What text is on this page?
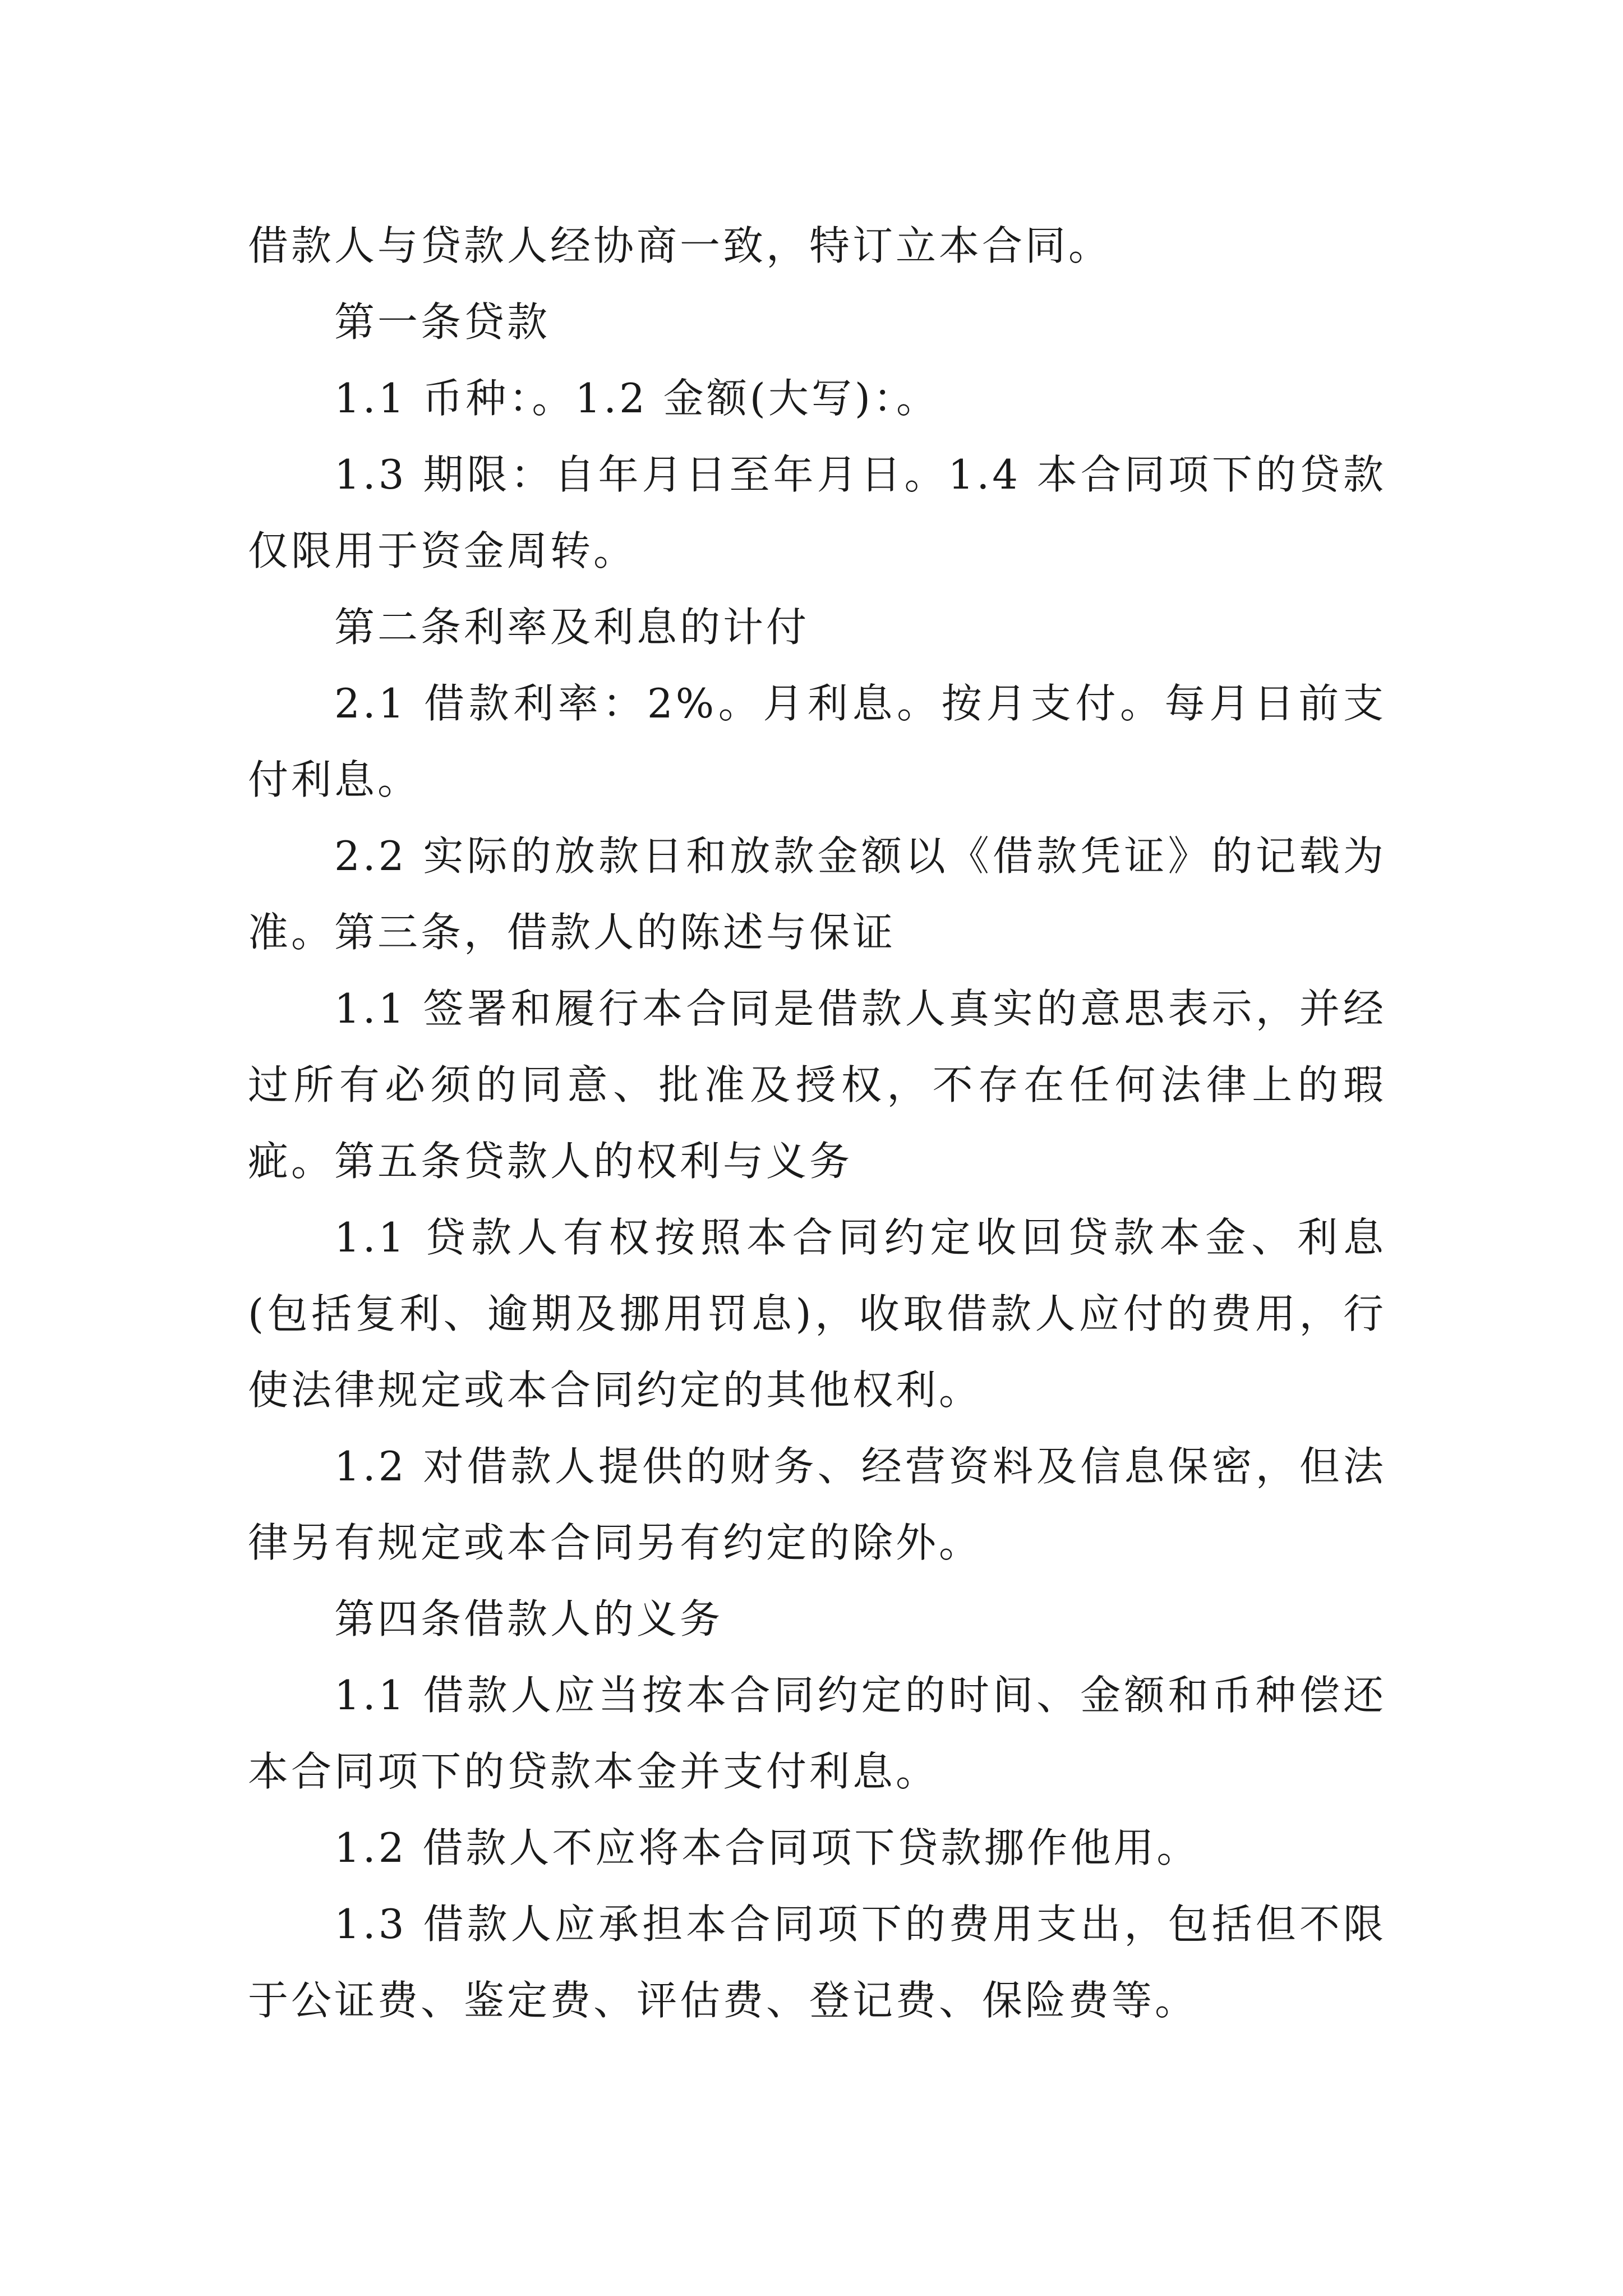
借款人与贷款人经协商一致，特订立本合同。

第一条贷款

1.1 币种：。1.2 金额(大写)：。

1.3 期限：自年月日至年月日。1.4 本合同项下的贷款仅限用于资金周转。

第二条利率及利息的计付

2.1 借款利率：2%。月利息。按月支付。每月日前支付利息。

2.2 实际的放款日和放款金额以《借款凭证》的记载为准。第三条，借款人的陈述与保证

1.1 签署和履行本合同是借款人真实的意思表示，并经过所有必须的同意、批准及授权，不存在任何法律上的瑕疵。第五条贷款人的权利与义务

1.1 贷款人有权按照本合同约定收回贷款本金、利息(包括复利、逾期及挪用罚息)，收取借款人应付的费用，行使法律规定或本合同约定的其他权利。

1.2 对借款人提供的财务、经营资料及信息保密，但法律另有规定或本合同另有约定的除外。

第四条借款人的义务

1.1 借款人应当按本合同约定的时间、金额和币种偿还本合同项下的贷款本金并支付利息。

1.2 借款人不应将本合同项下贷款挪作他用。

1.3 借款人应承担本合同项下的费用支出，包括但不限于公证费、鉴定费、评估费、登记费、保险费等。
